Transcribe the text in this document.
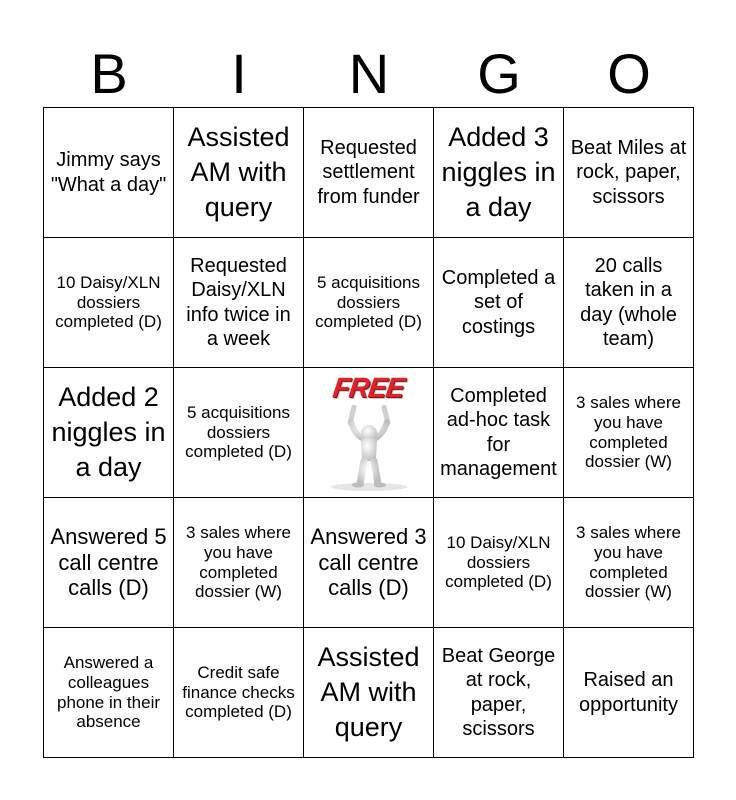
B	I	N	G	O
Jimmy says "What a day"	Assisted AM with query	Requested settlement from funder	Added 3 niggles in a day	Beat Miles at rock, paper, scissors
10 Daisy/XLN dossiers completed (D)	Requested Daisy/XLN info twice in a week	5 acquisitions dossiers completed (D)	Completed a set of costings	20 calls taken in a day (whole team)
Added 2 niggles in a day	5 acquisitions dossiers completed (D)	FREE	Completed ad-hoc task for management	3 sales where you have completed dossier (W)
Answered 5 call centre calls (D)	3 sales where you have completed dossier (W)	Answered 3 call centre calls (D)	10 Daisy/XLN dossiers completed (D)	3 sales where you have completed dossier (W)
Answered a colleagues phone in their absence	Credit safe finance checks completed (D)	Assisted AM with query	Beat George at rock, paper, scissors	Raised an opportunity
